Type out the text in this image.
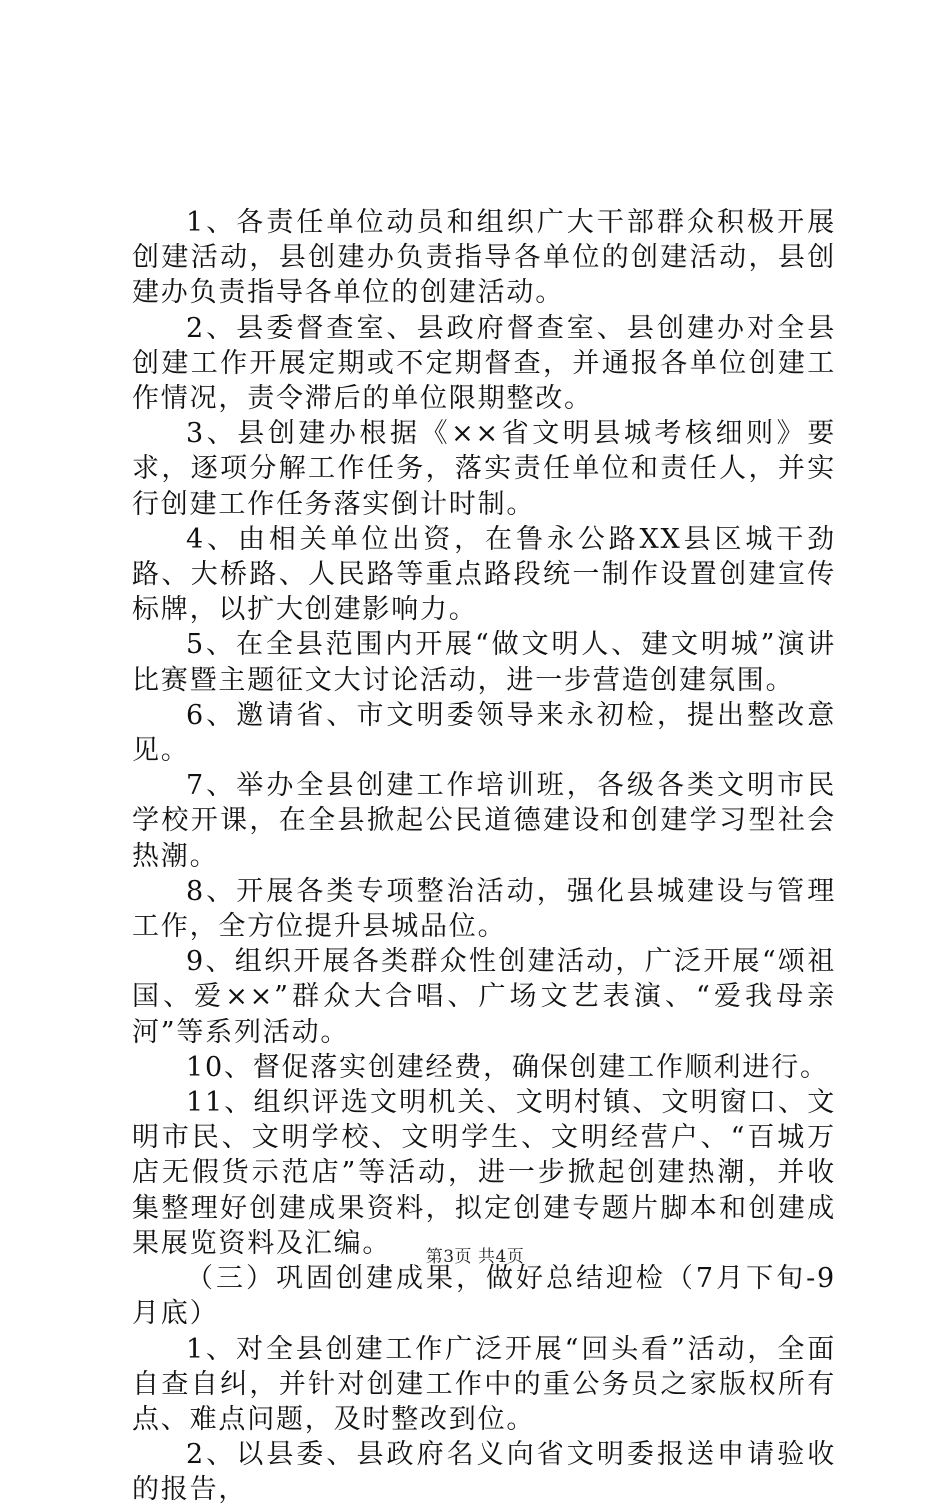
1、各责任单位动员和组织广大干部群众积极开展创建活动，县创建办负责指导各单位的创建活动，县创建办负责指导各单位的创建活动。

2、县委督查室、县政府督查室、县创建办对全县创建工作开展定期或不定期督查，并通报各单位创建工作情况，责令滞后的单位限期整改。

3、县创建办根据《××省文明县城考核细则》要求，逐项分解工作任务，落实责任单位和责任人，并实行创建工作任务落实倒计时制。

4、由相关单位出资，在鲁永公路XX县区城干劲路、大桥路、人民路等重点路段统一制作设置创建宣传标牌，以扩大创建影响力。

5、在全县范围内开展“做文明人、建文明城”演讲比赛暨主题征文大讨论活动，进一步营造创建氛围。

6、邀请省、市文明委领导来永初检，提出整改意见。

7、举办全县创建工作培训班，各级各类文明市民学校开课，在全县掀起公民道德建设和创建学习型社会热潮。

8、开展各类专项整治活动，强化县城建设与管理工作，全方位提升县城品位。

9、组织开展各类群众性创建活动，广泛开展“颂祖国、爱××”群众大合唱、广场文艺表演、“爱我母亲河”等系列活动。

10、督促落实创建经费，确保创建工作顺利进行。

11、组织评选文明机关、文明村镇、文明窗口、文明市民、文明学校、文明学生、文明经营户、“百城万店无假货示范店”等活动，进一步掀起创建热潮，并收集整理好创建成果资料，拟定创建专题片脚本和创建成果展览资料及汇编。

（三）巩固创建成果，做好总结迎检（7月下旬-9月底）

1、对全县创建工作广泛开展“回头看”活动，全面自查自纠，并针对创建工作中的重公务员之家版权所有点、难点问题，及时整改到位。

2、以县委、县政府名义向省文明委报送申请验收的报告，

第3页 共4页
